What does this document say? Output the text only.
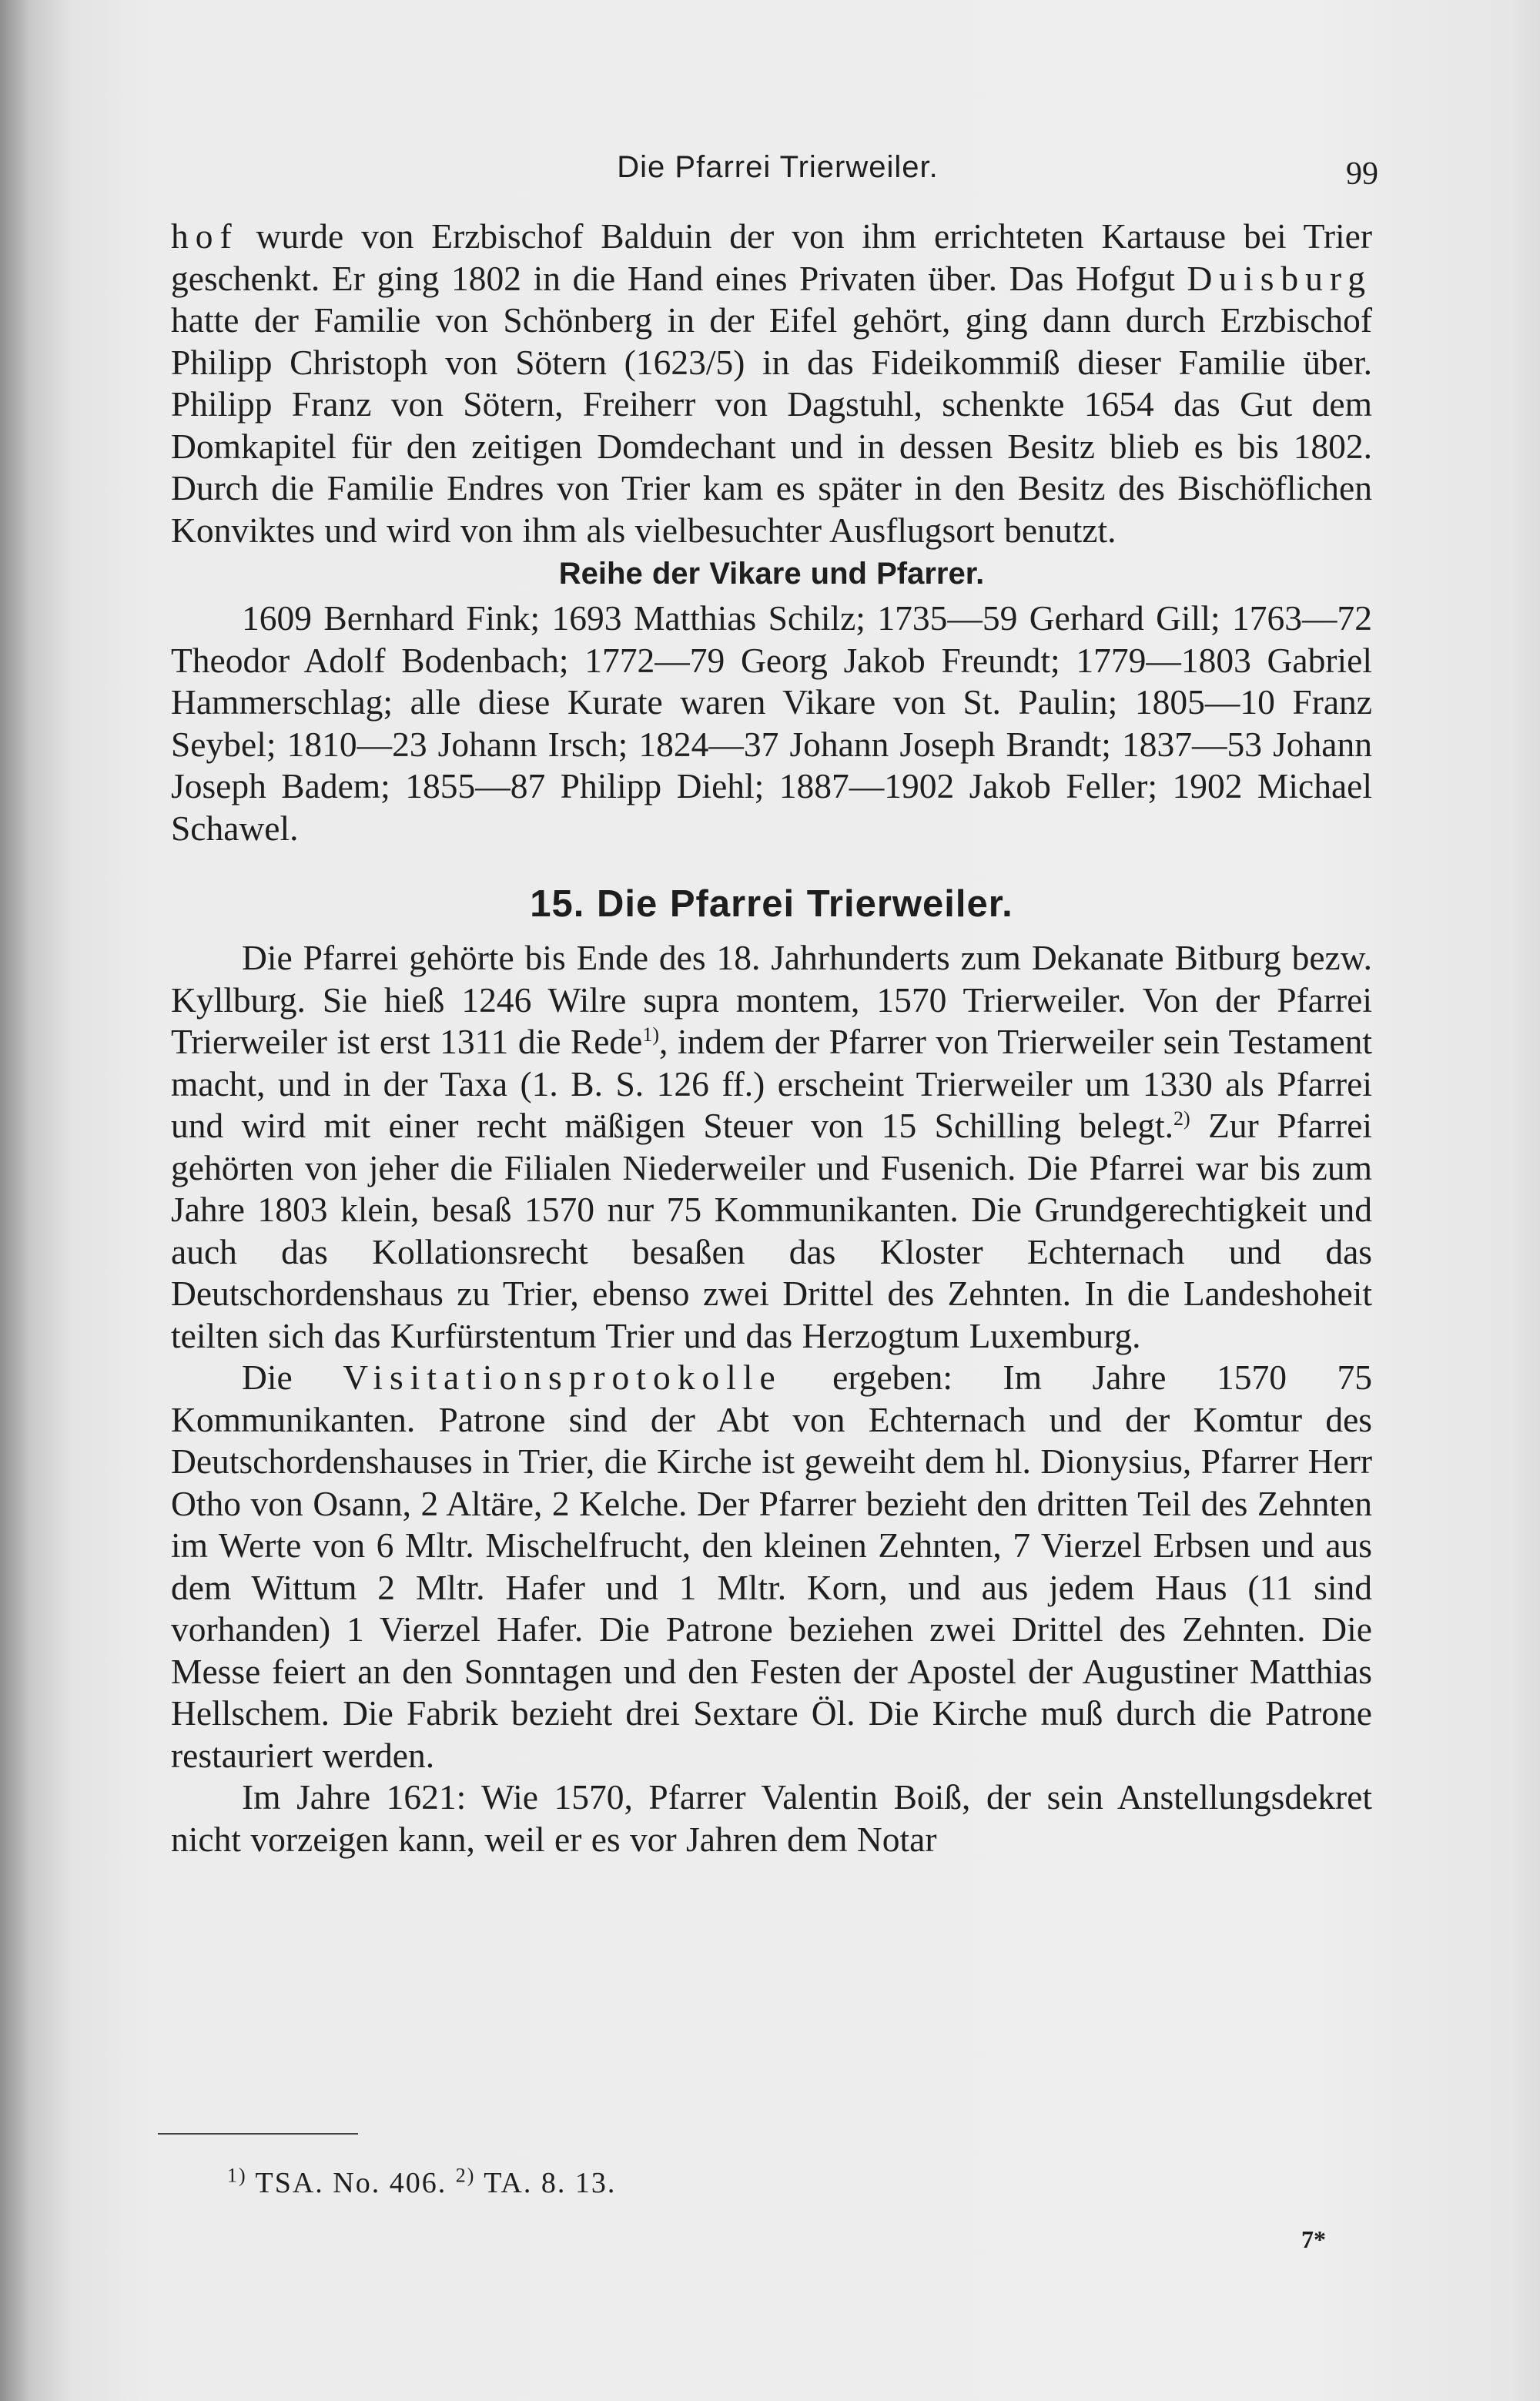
Die Pfarrei Trierweiler.	99

hof wurde von Erzbischof Balduin der von ihm errichteten Kartause bei Trier geschenkt. Er ging 1802 in die Hand eines Privaten über. Das Hofgut Duisburg hatte der Familie von Schönberg in der Eifel gehört, ging dann durch Erzbischof Philipp Christoph von Sötern (1623/5) in das Fideikommiß dieser Familie über. Philipp Franz von Sötern, Freiherr von Dagstuhl, schenkte 1654 das Gut dem Domkapitel für den zeitigen Domdechant und in dessen Besitz blieb es bis 1802. Durch die Familie Endres von Trier kam es später in den Besitz des Bischöflichen Konviktes und wird von ihm als vielbesuchter Ausflugsort benutzt.

Reihe der Vikare und Pfarrer.

1609 Bernhard Fink; 1693 Matthias Schilz; 1735—59 Gerhard Gill; 1763—72 Theodor Adolf Bodenbach; 1772—79 Georg Jakob Freundt; 1779—1803 Gabriel Hammerschlag; alle diese Kurate waren Vikare von St. Paulin; 1805—10 Franz Seybel; 1810—23 Johann Irsch; 1824—37 Johann Joseph Brandt; 1837—53 Johann Joseph Badem; 1855—87 Philipp Diehl; 1887—1902 Jakob Feller; 1902 Michael Schawel.

15. Die Pfarrei Trierweiler.

Die Pfarrei gehörte bis Ende des 18. Jahrhunderts zum Dekanate Bitburg bezw. Kyllburg. Sie hieß 1246 Wilre supra montem, 1570 Trierweiler. Von der Pfarrei Trierweiler ist erst 1311 die Rede$^{1)}$, indem der Pfarrer von Trierweiler sein Testament macht, und in der Taxa (1. B. S. 126 ff.) erscheint Trierweiler um 1330 als Pfarrei und wird mit einer recht mäßigen Steuer von 15 Schilling belegt.$^{2)}$ Zur Pfarrei gehörten von jeher die Filialen Niederweiler und Fusenich. Die Pfarrei war bis zum Jahre 1803 klein, besaß 1570 nur 75 Kommunikanten. Die Grundgerechtigkeit und auch das Kollationsrecht besaßen das Kloster Echternach und das Deutschordenshaus zu Trier, ebenso zwei Drittel des Zehnten. In die Landeshoheit teilten sich das Kurfürstentum Trier und das Herzogtum Luxemburg.

Die Visitationsprotokolle ergeben: Im Jahre 1570 75 Kommunikanten. Patrone sind der Abt von Echternach und der Komtur des Deutschordenshauses in Trier, die Kirche ist geweiht dem hl. Dionysius, Pfarrer Herr Otho von Osann, 2 Altäre, 2 Kelche. Der Pfarrer bezieht den dritten Teil des Zehnten im Werte von 6 Mltr. Mischelfrucht, den kleinen Zehnten, 7 Vierzel Erbsen und aus dem Wittum 2 Mltr. Hafer und 1 Mltr. Korn, und aus jedem Haus (11 sind vorhanden) 1 Vierzel Hafer. Die Patrone beziehen zwei Drittel des Zehnten. Die Messe feiert an den Sonntagen und den Festen der Apostel der Augustiner Matthias Hellschem. Die Fabrik bezieht drei Sextare Öl. Die Kirche muß durch die Patrone restauriert werden.

Im Jahre 1621: Wie 1570, Pfarrer Valentin Boiß, der sein Anstellungsdekret nicht vorzeigen kann, weil er es vor Jahren dem Notar

$^{1)}$ TSA. No. 406. $^{2)}$ TA. 8. 13.
7*
